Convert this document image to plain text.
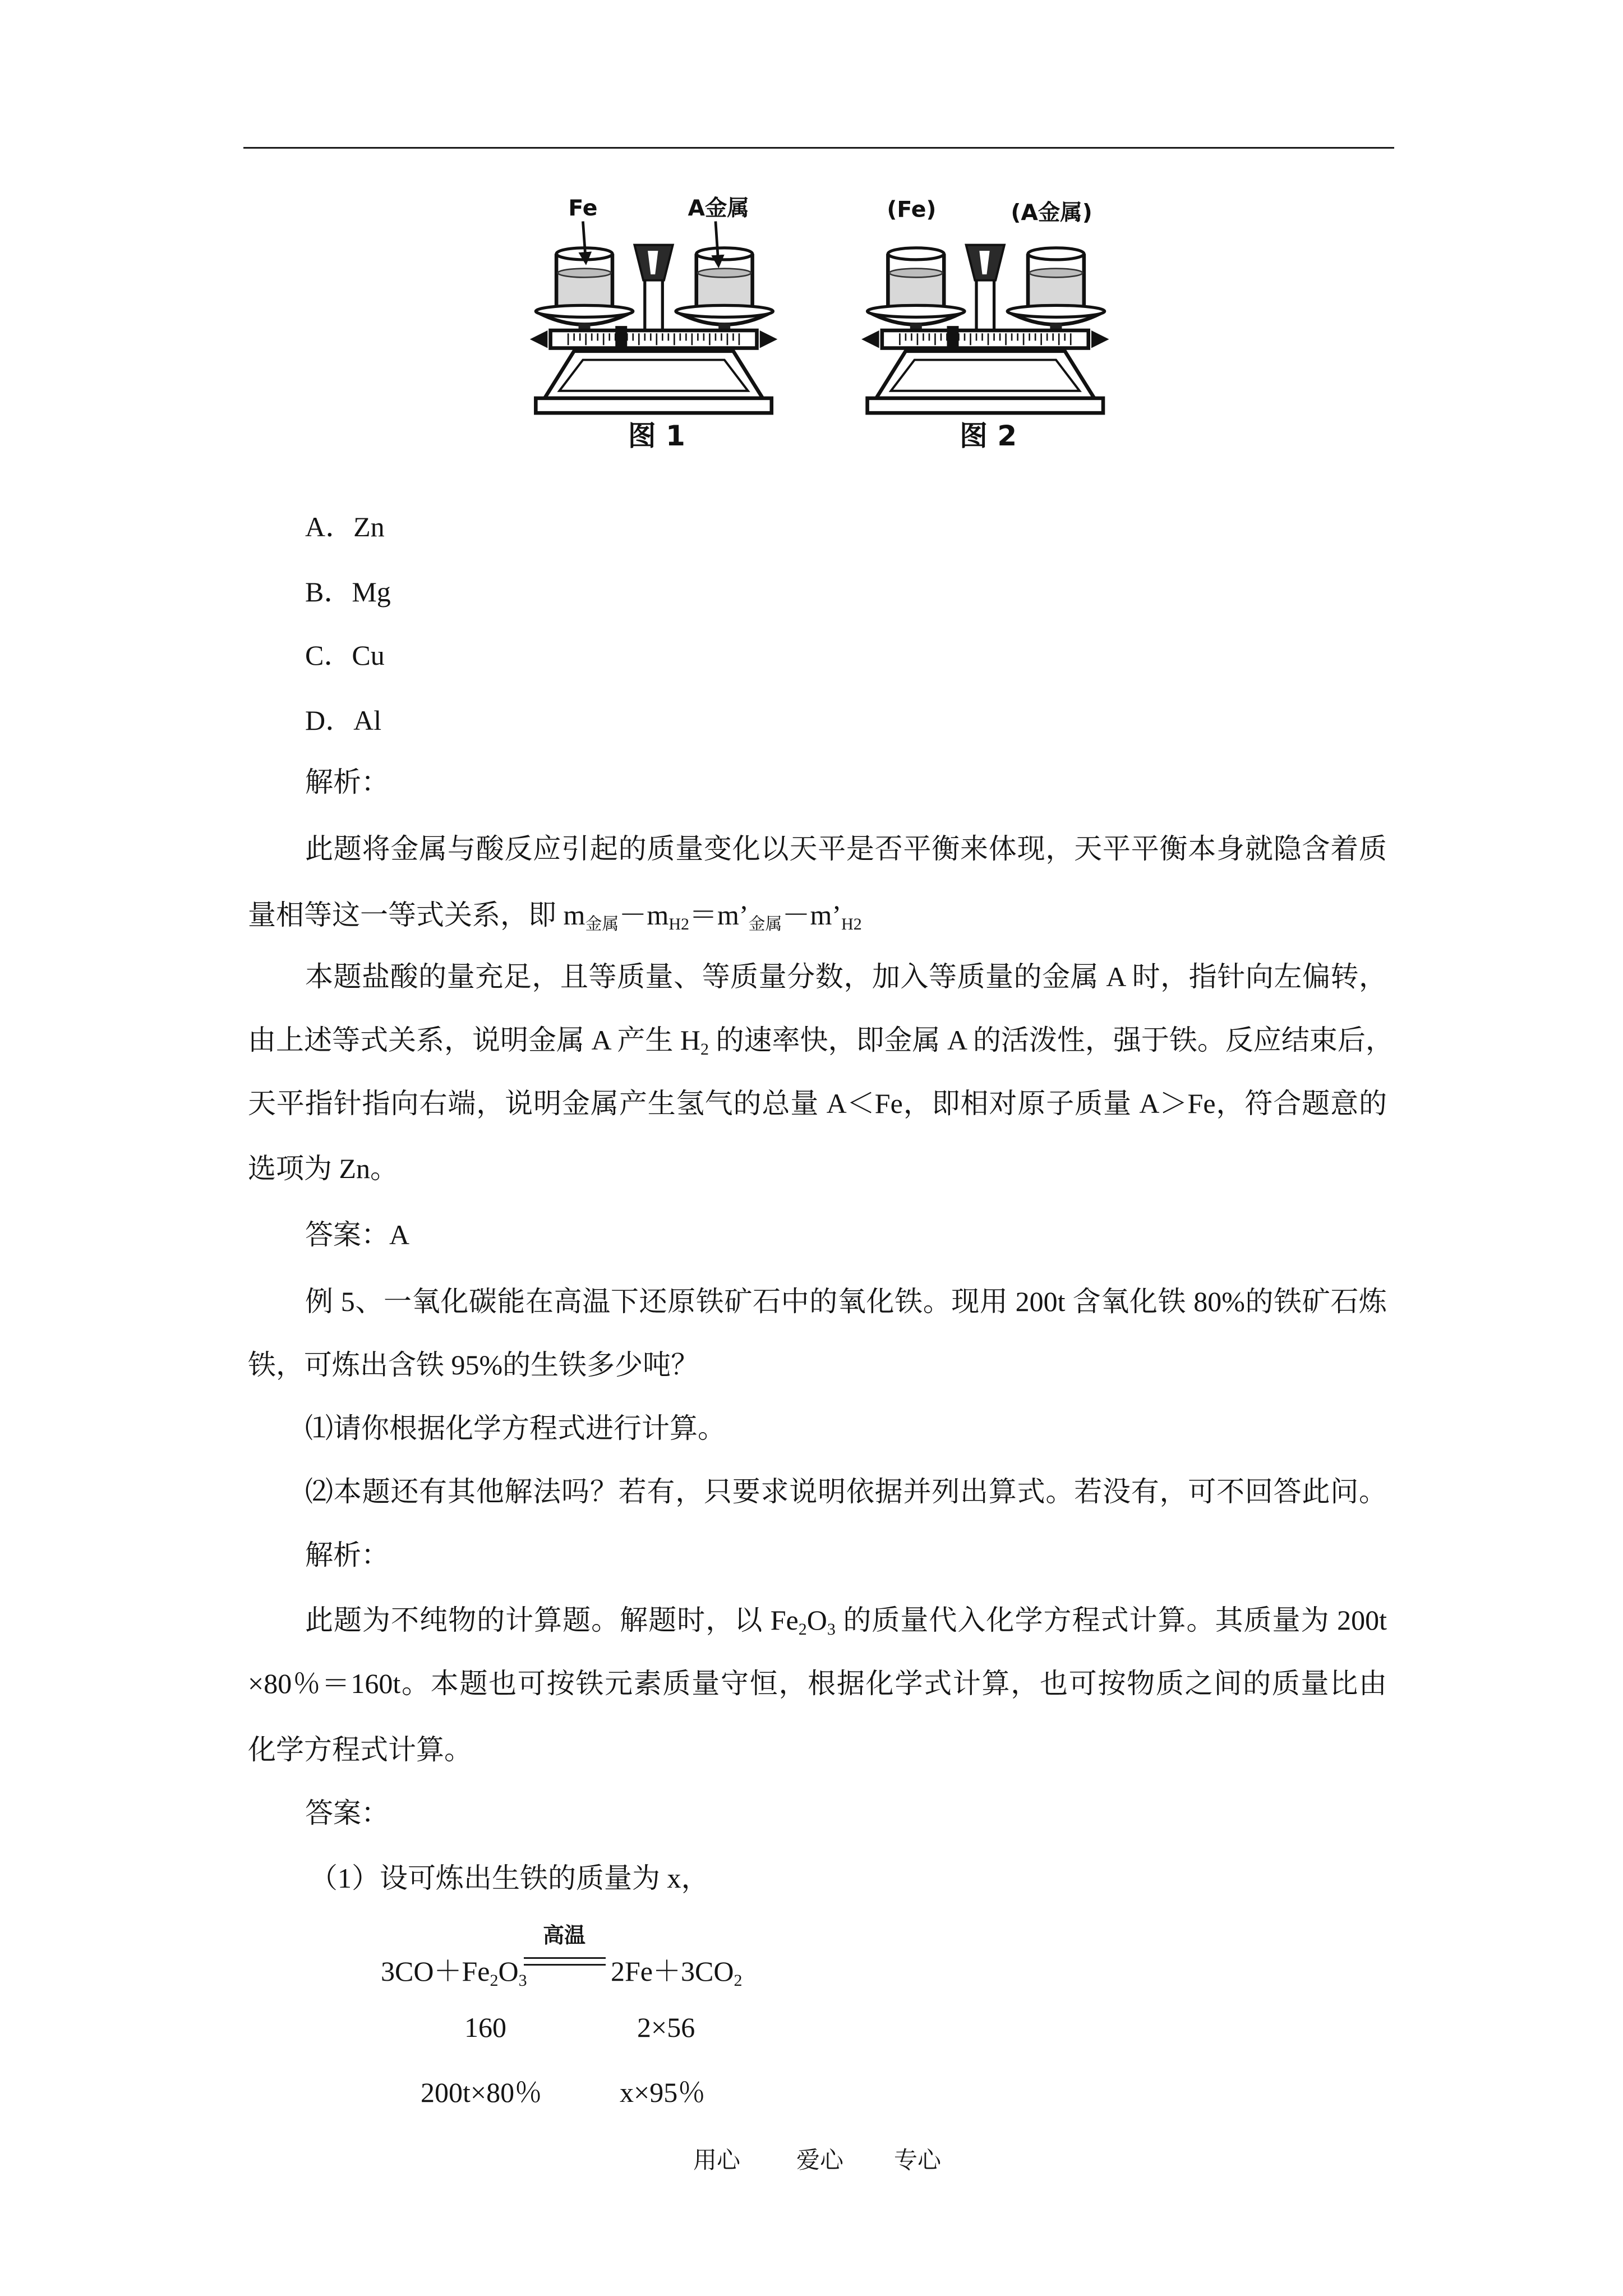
Fe	A金属	(Fe)	(A金属)
图 1	图 2
A．Zn
B．Mg
C．Cu
D．Al
解析：
此题将金属与酸反应引起的质量变化以天平是否平衡来体现，天平平衡本身就隐含着质
量相等这一等式关系，即 m金属－mH2＝m’金属－m’H2
本题盐酸的量充足，且等质量、等质量分数，加入等质量的金属 A 时，指针向左偏转，
由上述等式关系，说明金属 A 产生 H2 的速率快，即金属 A 的活泼性，强于铁。反应结束后，
天平指针指向右端，说明金属产生氢气的总量 A＜Fe，即相对原子质量 A＞Fe，符合题意的
选项为 Zn。
答案：A
例 5、一氧化碳能在高温下还原铁矿石中的氧化铁。现用 200t 含氧化铁 80%的铁矿石炼
铁，可炼出含铁 95%的生铁多少吨？
⑴请你根据化学方程式进行计算。
⑵本题还有其他解法吗？若有，只要求说明依据并列出算式。若没有，可不回答此问。
解析：
此题为不纯物的计算题。解题时，以 Fe2O3 的质量代入化学方程式计算。其质量为 200t
×80％＝160t。本题也可按铁元素质量守恒，根据化学式计算，也可按物质之间的质量比由
化学方程式计算。
答案：
（1）设可炼出生铁的质量为 x，
高温
3CO＋Fe2O3	2Fe＋3CO2
160	2×56
200t×80％	x×95％
用心 爱心 专心
